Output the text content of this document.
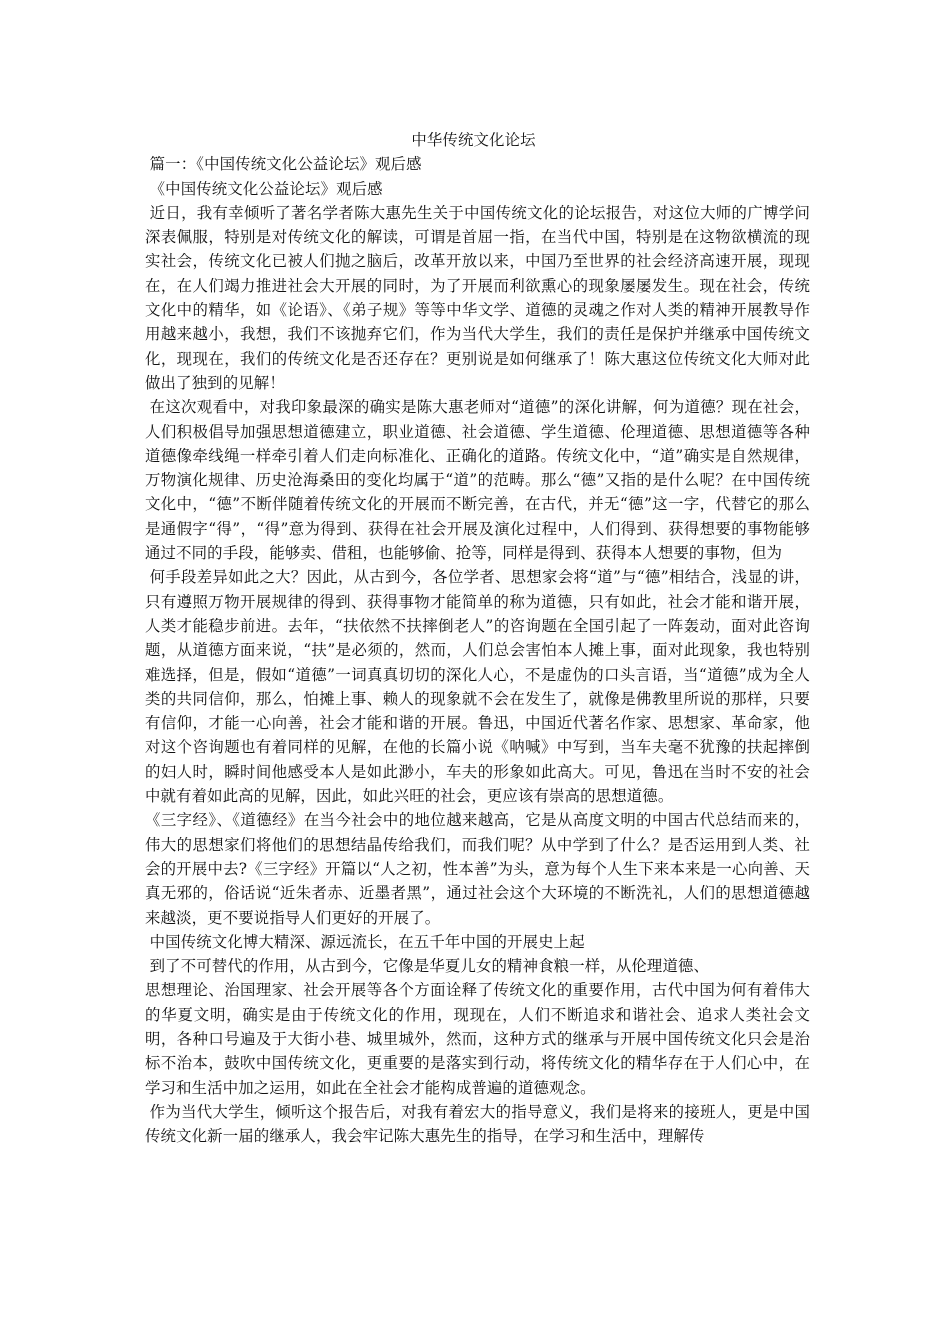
中华传统文化论坛

篇一：《中国传统文化公益论坛》观后感

《中国传统文化公益论坛》观后感

近日，我有幸倾听了著名学者陈大惠先生关于中国传统文化的论坛报告，对这位大师的广博学问深表佩服，特别是对传统文化的解读，可谓是首屈一指，在当代中国，特别是在这物欲横流的现实社会，传统文化已被人们抛之脑后，改革开放以来，中国乃至世界的社会经济高速开展，现现在，在人们竭力推进社会大开展的同时，为了开展而利欲熏心的现象屡屡发生。现在社会，传统文化中的精华，如《论语》、《弟子规》等等中华文学、道德的灵魂之作对人类的精神开展教导作用越来越小，我想，我们不该抛弃它们，作为当代大学生，我们的责任是保护并继承中国传统文化，现现在，我们的传统文化是否还存在？更别说是如何继承了！陈大惠这位传统文化大师对此做出了独到的见解！

在这次观看中，对我印象最深的确实是陈大惠老师对“道德”的深化讲解，何为道德？现在社会，人们积极倡导加强思想道德建立，职业道德、社会道德、学生道德、伦理道德、思想道德等各种道德像牵线绳一样牵引着人们走向标准化、正确化的道路。传统文化中，“道”确实是自然规律，万物演化规律、历史沧海桑田的变化均属于“道”的范畴。那么“德”又指的是什么呢？在中国传统文化中，“德”不断伴随着传统文化的开展而不断完善，在古代，并无“德”这一字，代替它的那么是通假字“得”，“得”意为得到、获得在社会开展及演化过程中，人们得到、获得想要的事物能够通过不同的手段，能够卖、借租，也能够偷、抢等，同样是得到、获得本人想要的事物，但为

何手段差异如此之大？因此，从古到今，各位学者、思想家会将“道”与“德”相结合，浅显的讲，只有遵照万物开展规律的得到、获得事物才能简单的称为道德，只有如此，社会才能和谐开展，人类才能稳步前进。去年，“扶依然不扶摔倒老人”的咨询题在全国引起了一阵轰动，面对此咨询题，从道德方面来说，“扶”是必须的，然而，人们总会害怕本人摊上事，面对此现象，我也特别难选择，但是，假如“道德”一词真真切切的深化人心，不是虚伪的口头言语，当“道德”成为全人类的共同信仰，那么，怕摊上事、赖人的现象就不会在发生了，就像是佛教里所说的那样，只要有信仰，才能一心向善，社会才能和谐的开展。鲁迅，中国近代著名作家、思想家、革命家，他对这个咨询题也有着同样的见解，在他的长篇小说《呐喊》中写到，当车夫毫不犹豫的扶起摔倒的妇人时，瞬时间他感受本人是如此渺小，车夫的形象如此高大。可见，鲁迅在当时不安的社会中就有着如此高的见解，因此，如此兴旺的社会，更应该有崇高的思想道德。

《三字经》、《道德经》在当今社会中的地位越来越高，它是从高度文明的中国古代总结而来的，伟大的思想家们将他们的思想结晶传给我们，而我们呢？从中学到了什么？是否运用到人类、社会的开展中去?《三字经》开篇以“人之初，性本善”为头，意为每个人生下来本来是一心向善、天真无邪的，俗话说“近朱者赤、近墨者黑”，通过社会这个大环境的不断洗礼，人们的思想道德越来越淡，更不要说指导人们更好的开展了。

中国传统文化博大精深、源远流长，在五千年中国的开展史上起

到了不可替代的作用，从古到今，它像是华夏儿女的精神食粮一样，从伦理道德、

思想理论、治国理家、社会开展等各个方面诠释了传统文化的重要作用，古代中国为何有着伟大的华夏文明，确实是由于传统文化的作用，现现在，人们不断追求和谐社会、追求人类社会文明，各种口号遍及于大街小巷、城里城外，然而，这种方式的继承与开展中国传统文化只会是治标不治本，鼓吹中国传统文化，更重要的是落实到行动，将传统文化的精华存在于人们心中，在学习和生活中加之运用，如此在全社会才能构成普遍的道德观念。

作为当代大学生，倾听这个报告后，对我有着宏大的指导意义，我们是将来的接班人，更是中国传统文化新一届的继承人，我会牢记陈大惠先生的指导，在学习和生活中，理解传
